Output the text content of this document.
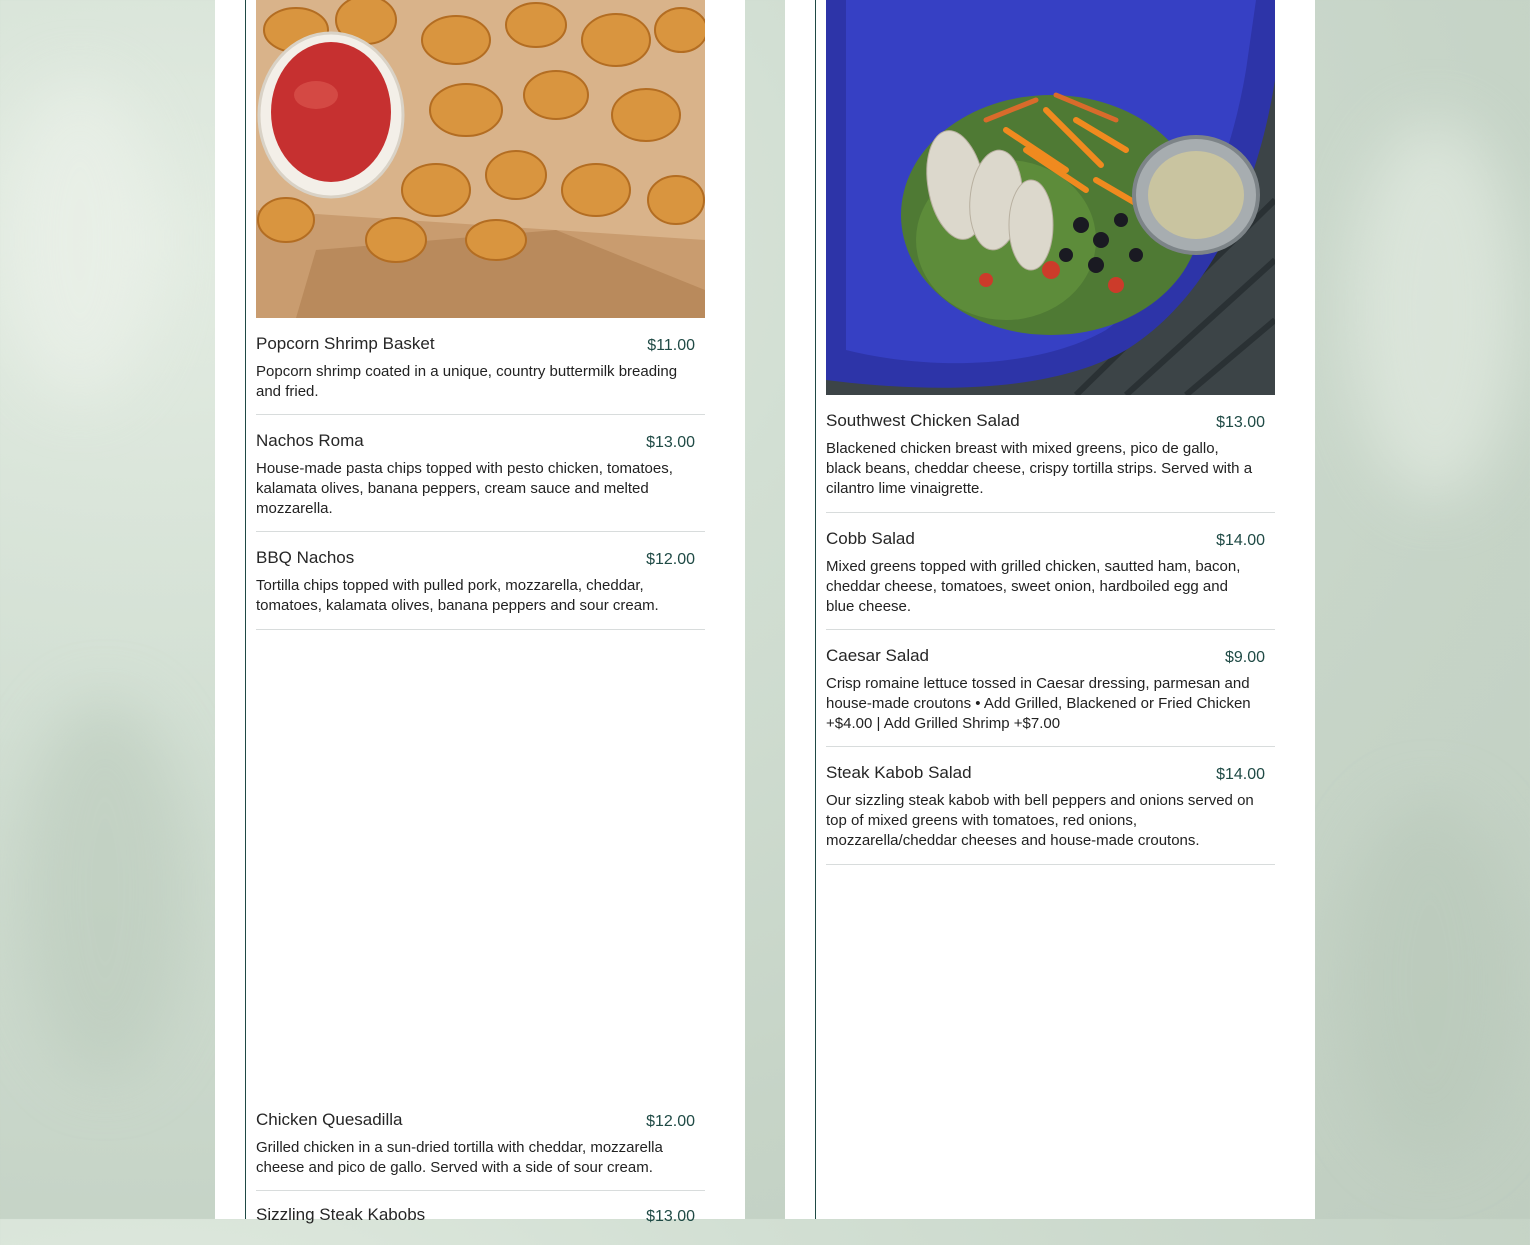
Popcorn Shrimp Basket	$11.00
Popcorn shrimp coated in a unique, country buttermilk breading and fried.
Nachos Roma	$13.00
House-made pasta chips topped with pesto chicken, tomatoes, kalamata olives, banana peppers, cream sauce and melted mozzarella.
BBQ Nachos	$12.00
Tortilla chips topped with pulled pork, mozzarella, cheddar, tomatoes, kalamata olives, banana peppers and sour cream.
Chicken Quesadilla	$12.00
Grilled chicken in a sun-dried tortilla with cheddar, mozzarella cheese and pico de gallo. Served with a side of sour cream.
Sizzling Steak Kabobs	$13.00
Southwest Chicken Salad	$13.00
Blackened chicken breast with mixed greens, pico de gallo, black beans, cheddar cheese, crispy tortilla strips. Served with a cilantro lime vinaigrette.
Cobb Salad	$14.00
Mixed greens topped with grilled chicken, sautted ham, bacon, cheddar cheese, tomatoes, sweet onion, hardboiled egg and blue cheese.
Caesar Salad	$9.00
Crisp romaine lettuce tossed in Caesar dressing, parmesan and house-made croutons • Add Grilled, Blackened or Fried Chicken +$4.00 | Add Grilled Shrimp +$7.00
Steak Kabob Salad	$14.00
Our sizzling steak kabob with bell peppers and onions served on top of mixed greens with tomatoes, red onions, mozzarella/cheddar cheeses and house-made croutons.
